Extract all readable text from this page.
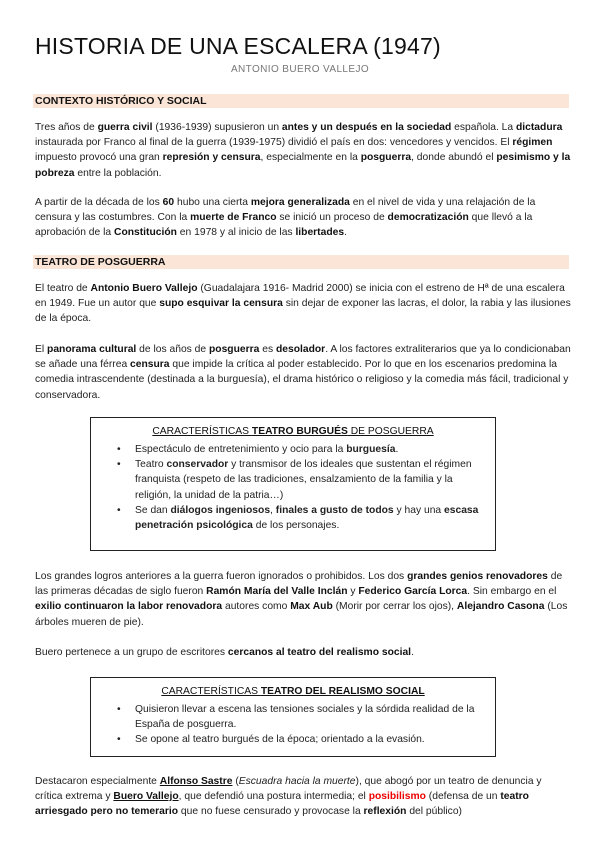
HISTORIA DE UNA ESCALERA (1947)
ANTONIO BUERO VALLEJO
CONTEXTO HISTÓRICO Y SOCIAL

Tres años de guerra civil (1936-1939) supusieron un antes y un después en la sociedad española. La dictadura instaurada por Franco al final de la guerra (1939-1975) dividió el país en dos: vencedores y vencidos. El régimen impuesto provocó una gran represión y censura, especialmente en la posguerra, donde abundó el pesimismo y la pobreza entre la población.

A partir de la década de los 60 hubo una cierta mejora generalizada en el nivel de vida y una relajación de la censura y las costumbres. Con la muerte de Franco se inició un proceso de democratización que llevó a la aprobación de la Constitución en 1978 y al inicio de las libertades.

TEATRO DE POSGUERRA

El teatro de Antonio Buero Vallejo (Guadalajara 1916- Madrid 2000) se inicia con el estreno de Hª de una escalera en 1949. Fue un autor que supo esquivar la censura sin dejar de exponer las lacras, el dolor, la rabia y las ilusiones de la época.

El panorama cultural de los años de posguerra es desolador. A los factores extraliterarios que ya lo condicionaban se añade una férrea censura que impide la crítica al poder establecido. Por lo que en los escenarios predomina la comedia intrascendente (destinada a la burguesía), el drama histórico o religioso y la comedia más fácil, tradicional y conservadora.

CARACTERÍSTICAS TEATRO BURGUÉS DE POSGUERRA
• Espectáculo de entretenimiento y ocio para la burguesía.
• Teatro conservador y transmisor de los ideales que sustentan el régimen franquista (respeto de las tradiciones, ensalzamiento de la familia y la religión, la unidad de la patria…)
• Se dan diálogos ingeniosos, finales a gusto de todos y hay una escasa penetración psicológica de los personajes.

Los grandes logros anteriores a la guerra fueron ignorados o prohibidos. Los dos grandes genios renovadores de las primeras décadas de siglo fueron Ramón María del Valle Inclán y Federico García Lorca. Sin embargo en el exilio continuaron la labor renovadora autores como Max Aub (Morir por cerrar los ojos), Alejandro Casona (Los árboles mueren de pie).

Buero pertenece a un grupo de escritores cercanos al teatro del realismo social.

CARACTERÍSTICAS TEATRO DEL REALISMO SOCIAL
• Quisieron llevar a escena las tensiones sociales y la sórdida realidad de la España de posguerra.
• Se opone al teatro burgués de la época; orientado a la evasión.

Destacaron especialmente Alfonso Sastre (Escuadra hacia la muerte), que abogó por un teatro de denuncia y crítica extrema y Buero Vallejo, que defendió una postura intermedia; el posibilismo (defensa de un teatro arriesgado pero no temerario que no fuese censurado y provocase la reflexión del público)
